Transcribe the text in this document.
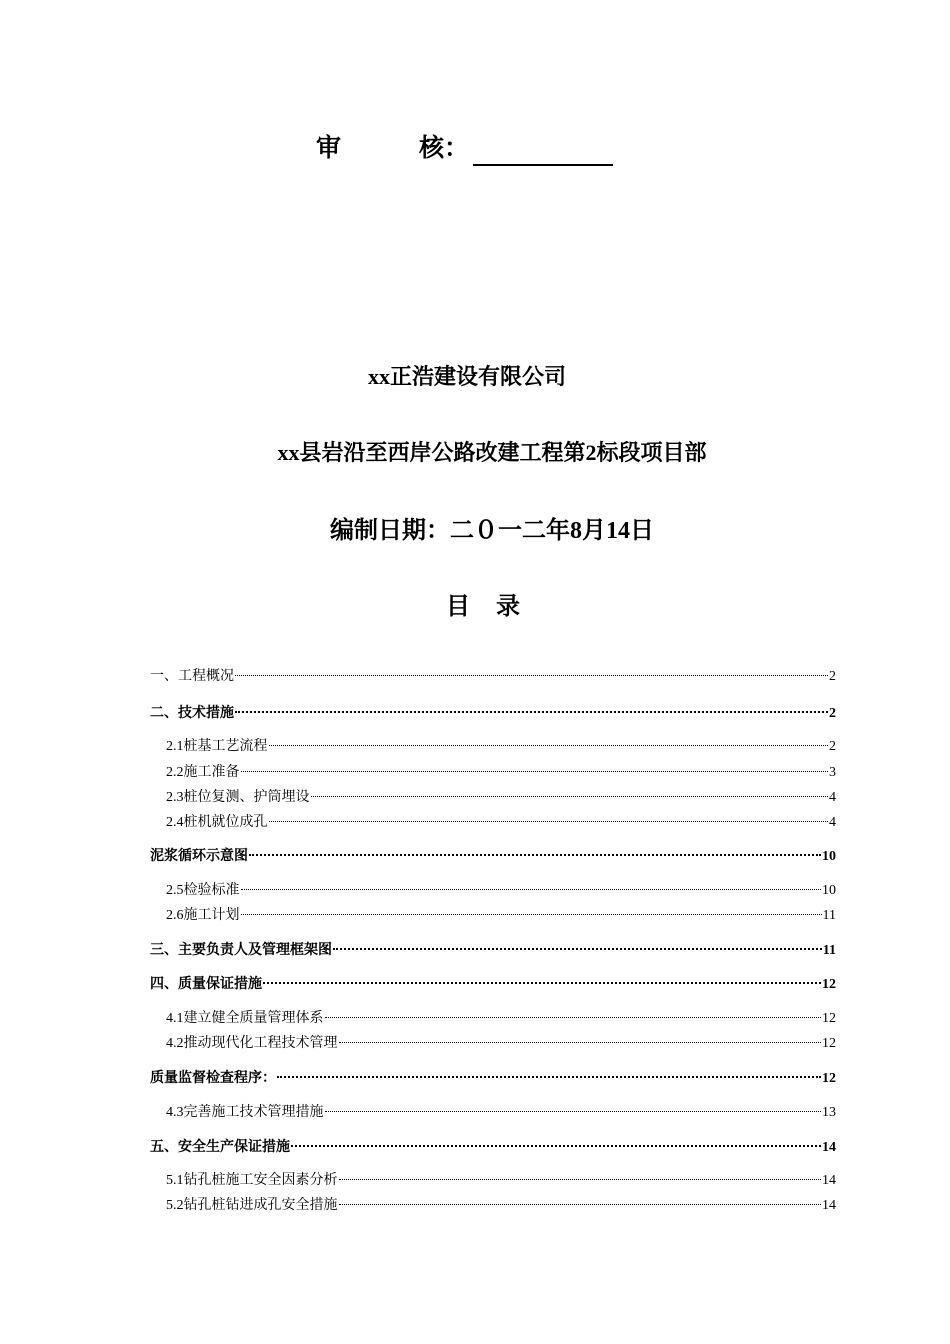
审	核：
xx正浩建设有限公司
xx县岩沿至西岸公路改建工程第2标段项目部
编制日期：二０一二年8月14日
目录
一、工程概况	2
二、技术措施	2
2.1桩基工艺流程	2
2.2施工准备	3
2.3桩位复测、护筒埋设	4
2.4桩机就位成孔	4
泥浆循环示意图	10
2.5检验标准	10
2.6施工计划	11
三、主要负责人及管理框架图	11
四、质量保证措施	12
4.1建立健全质量管理体系	12
4.2推动现代化工程技术管理	12
质量监督检查程序：	12
4.3完善施工技术管理措施	13
五、安全生产保证措施	14
5.1钻孔桩施工安全因素分析	14
5.2钻孔桩钻进成孔安全措施	14
